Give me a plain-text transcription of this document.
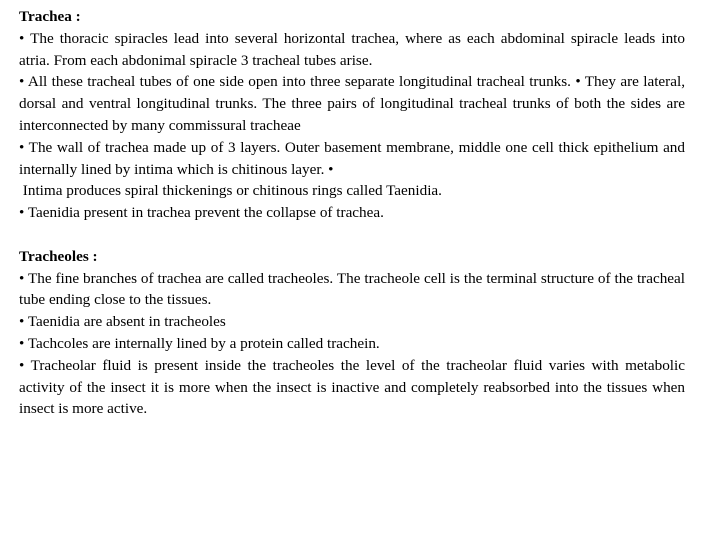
Trachea :

• The thoracic spiracles lead into several horizontal trachea, where as each abdominal spiracle leads into atria. From each abdonimal spiracle 3 tracheal tubes arise.

• All these tracheal tubes of one side open into three separate longitudinal tracheal trunks. • They are lateral, dorsal and ventral longitudinal trunks. The three pairs of longitudinal tracheal trunks of both the sides are interconnected by many commissural tracheae

• The wall of trachea made up of 3 layers. Outer basement membrane, middle one cell thick epithelium and internally lined by intima which is chitinous layer. •

Intima produces spiral thickenings or chitinous rings called Taenidia.

• Taenidia present in trachea prevent the collapse of trachea.

Tracheoles :

• The fine branches of trachea are called tracheoles. The tracheole cell is the terminal structure of the tracheal tube ending close to the tissues.

• Taenidia are absent in tracheoles

• Tachcoles are internally lined by a protein called trachein.

• Tracheolar fluid is present inside the tracheoles the level of the tracheolar fluid varies with metabolic activity of the insect it is more when the insect is inactive and completely reabsorbed into the tissues when insect is more active.
